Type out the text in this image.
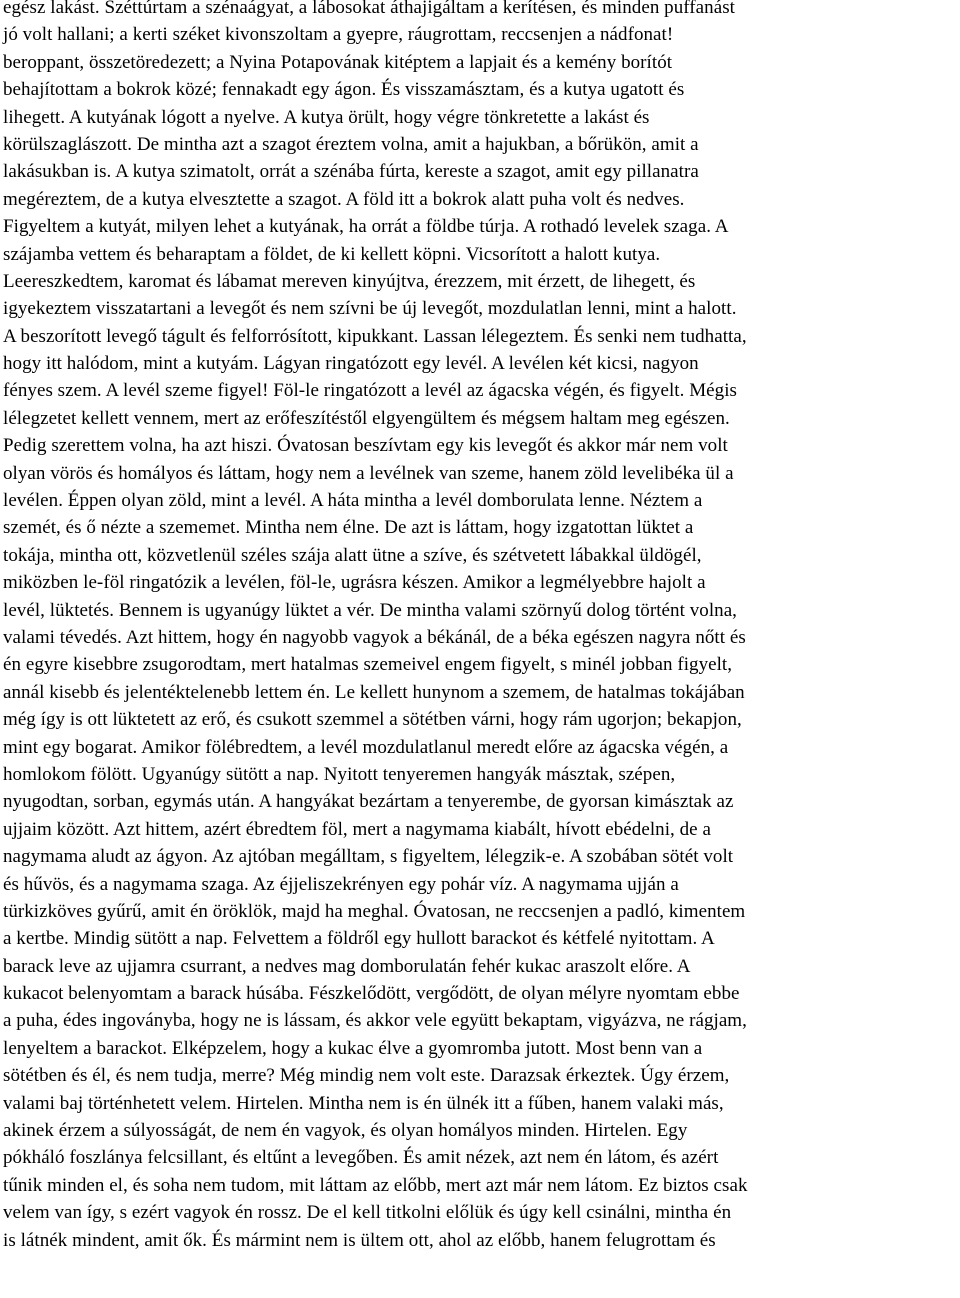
egész lakást. Széttúrtam a szénaágyat, a lábosokat áthajigáltam a kerítésen, és minden puffanást
jó volt hallani; a kerti széket kivonszoltam a gyepre, ráugrottam, reccsenjen a nádfonat!
beroppant, összetöredezett; a Nyina Potapovának kitéptem a lapjait és a kemény borítót
behajítottam a bokrok közé; fennakadt egy ágon. És visszamásztam, és a kutya ugatott és
lihegett. A kutyának lógott a nyelve. A kutya örült, hogy végre tönkretette a lakást és
körülszaglászott. De mintha azt a szagot éreztem volna, amit a hajukban, a bőrükön, amit a
lakásukban is. A kutya szimatolt, orrát a szénába fúrta, kereste a szagot, amit egy pillanatra
megéreztem, de a kutya elvesztette a szagot. A föld itt a bokrok alatt puha volt és nedves.
Figyeltem a kutyát, milyen lehet a kutyának, ha orrát a földbe túrja. A rothadó levelek szaga. A
szájamba vettem és beharaptam a földet, de ki kellett köpni. Vicsorított a halott kutya.
Leereszkedtem, karomat és lábamat mereven kinyújtva, érezzem, mit érzett, de lihegett, és
igyekeztem visszatartani a levegőt és nem szívni be új levegőt, mozdulatlan lenni, mint a halott.
A beszorított levegő tágult és felforrósított, kipukkant. Lassan lélegeztem. És senki nem tudhatta,
hogy itt halódom, mint a kutyám. Lágyan ringatózott egy levél. A levélen két kicsi, nagyon
fényes szem. A levél szeme figyel! Föl-le ringatózott a levél az ágacska végén, és figyelt. Mégis
lélegzetet kellett vennem, mert az erőfeszítéstől elgyengültem és mégsem haltam meg egészen.
Pedig szerettem volna, ha azt hiszi. Óvatosan beszívtam egy kis levegőt és akkor már nem volt
olyan vörös és homályos és láttam, hogy nem a levélnek van szeme, hanem zöld levelibéka ül a
levélen. Éppen olyan zöld, mint a levél. A háta mintha a levél domborulata lenne. Néztem a
szemét, és ő nézte a szememet. Mintha nem élne. De azt is láttam, hogy izgatottan lüktet a
tokája, mintha ott, közvetlenül széles szája alatt ütne a szíve, és szétvetett lábakkal üldögél,
miközben le-föl ringatózik a levélen, föl-le, ugrásra készen. Amikor a legmélyebbre hajolt a
levél, lüktetés. Bennem is ugyanúgy lüktet a vér. De mintha valami szörnyű dolog történt volna,
valami tévedés. Azt hittem, hogy én nagyobb vagyok a békánál, de a béka egészen nagyra nőtt és
én egyre kisebbre zsugorodtam, mert hatalmas szemeivel engem figyelt, s minél jobban figyelt,
annál kisebb és jelentéktelenebb lettem én. Le kellett hunynom a szemem, de hatalmas tokájában
még így is ott lüktetett az erő, és csukott szemmel a sötétben várni, hogy rám ugorjon; bekapjon,
mint egy bogarat. Amikor fölébredtem, a levél mozdulatlanul meredt előre az ágacska végén, a
homlokom fölött. Ugyanúgy sütött a nap. Nyitott tenyeremen hangyák másztak, szépen,
nyugodtan, sorban, egymás után. A hangyákat bezártam a tenyerembe, de gyorsan kimásztak az
ujjaim között. Azt hittem, azért ébredtem föl, mert a nagymama kiabált, hívott ebédelni, de a
nagymama aludt az ágyon. Az ajtóban megálltam, s figyeltem, lélegzik-e. A szobában sötét volt
és hűvös, és a nagymama szaga. Az éjjeliszekrényen egy pohár víz. A nagymama ujján a
türkizköves gyűrű, amit én öröklök, majd ha meghal. Óvatosan, ne reccsenjen a padló, kimentem
a kertbe. Mindig sütött a nap. Felvettem a földről egy hullott barackot és kétfelé nyitottam. A
barack leve az ujjamra csurrant, a nedves mag domborulatán fehér kukac araszolt előre. A
kukacot belenyomtam a barack húsába. Fészkelődött, vergődött, de olyan mélyre nyomtam ebbe
a puha, édes ingoványba, hogy ne is lássam, és akkor vele együtt bekaptam, vigyázva, ne rágjam,
lenyeltem a barackot. Elképzelem, hogy a kukac élve a gyomromba jutott. Most benn van a
sötétben és él, és nem tudja, merre? Még mindig nem volt este. Darazsak érkeztek. Úgy érzem,
valami baj történhetett velem. Hirtelen. Mintha nem is én ülnék itt a fűben, hanem valaki más,
akinek érzem a súlyosságát, de nem én vagyok, és olyan homályos minden. Hirtelen. Egy
pókháló foszlánya felcsillant, és eltűnt a levegőben. És amit nézek, azt nem én látom, és azért
tűnik minden el, és soha nem tudom, mit láttam az előbb, mert azt már nem látom. Ez biztos csak
velem van így, s ezért vagyok én rossz. De el kell titkolni előlük és úgy kell csinálni, mintha én
is látnék mindent, amit ők. És mármint nem is ültem ott, ahol az előbb, hanem felugrottam és
